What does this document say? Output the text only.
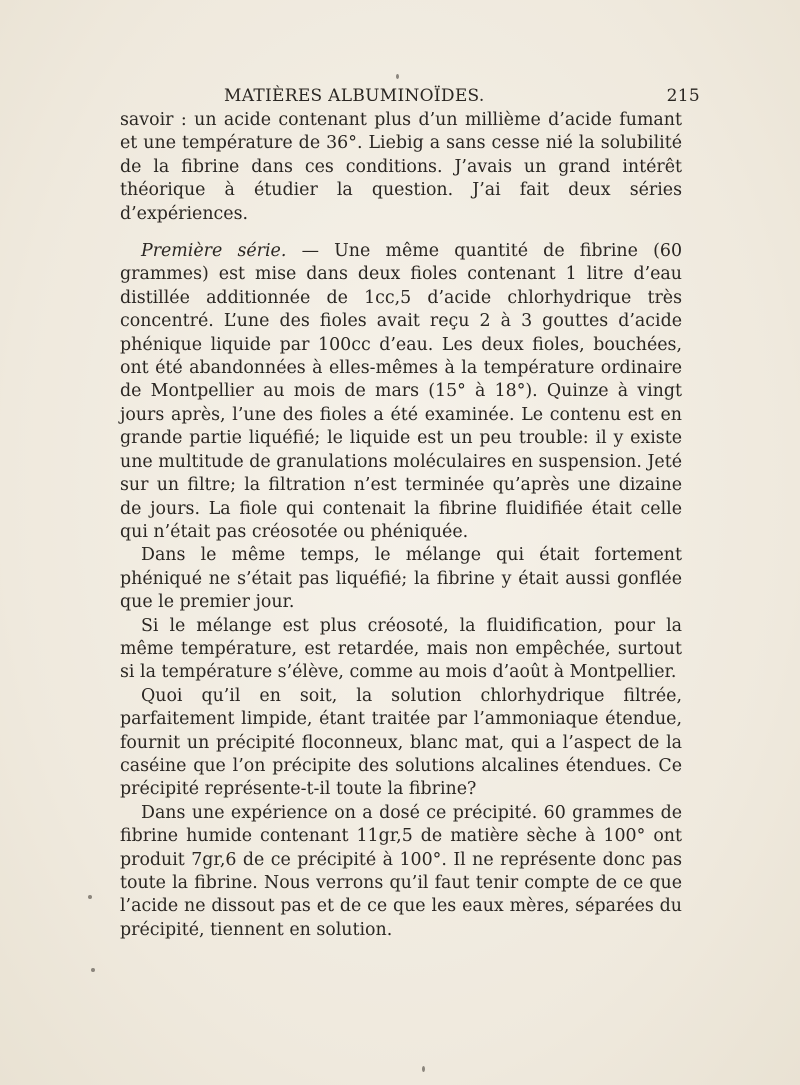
MATIÈRES ALBUMINOÏDES.	215

savoir : un acide contenant plus d’un millième d’acide fumant et une température de 36°. Liebig a sans cesse nié la solubilité de la fibrine dans ces conditions. J’avais un grand intérêt théorique à étudier la question. J’ai fait deux séries d’expériences.

Première série. — Une même quantité de fibrine (60 grammes) est mise dans deux fioles contenant 1 litre d’eau distillée additionnée de 1cc,5 d’acide chlorhydrique très concentré. L’une des fioles avait reçu 2 à 3 gouttes d’acide phénique liquide par 100cc d’eau. Les deux fioles, bouchées, ont été abandonnées à elles-mêmes à la température ordinaire de Montpellier au mois de mars (15° à 18°). Quinze à vingt jours après, l’une des fioles a été examinée. Le contenu est en grande partie liquéfié; le liquide est un peu trouble: il y existe une multitude de granulations moléculaires en suspension. Jeté sur un filtre; la filtration n’est terminée qu’après une dizaine de jours. La fiole qui contenait la fibrine fluidifiée était celle qui n’était pas créosotée ou phéniquée.

Dans le même temps, le mélange qui était fortement phéniqué ne s’était pas liquéfié; la fibrine y était aussi gonflée que le premier jour.

Si le mélange est plus créosoté, la fluidification, pour la même température, est retardée, mais non empêchée, surtout si la température s’élève, comme au mois d’août à Montpellier.

Quoi qu’il en soit, la solution chlorhydrique filtrée, parfaitement limpide, étant traitée par l’ammoniaque étendue, fournit un précipité floconneux, blanc mat, qui a l’aspect de la caséine que l’on précipite des solutions alcalines étendues. Ce précipité représente-t-il toute la fibrine?

Dans une expérience on a dosé ce précipité. 60 grammes de fibrine humide contenant 11gr,5 de matière sèche à 100° ont produit 7gr,6 de ce précipité à 100°. Il ne représente donc pas toute la fibrine. Nous verrons qu’il faut tenir compte de ce que l’acide ne dissout pas et de ce que les eaux mères, séparées du précipité, tiennent en solution.
